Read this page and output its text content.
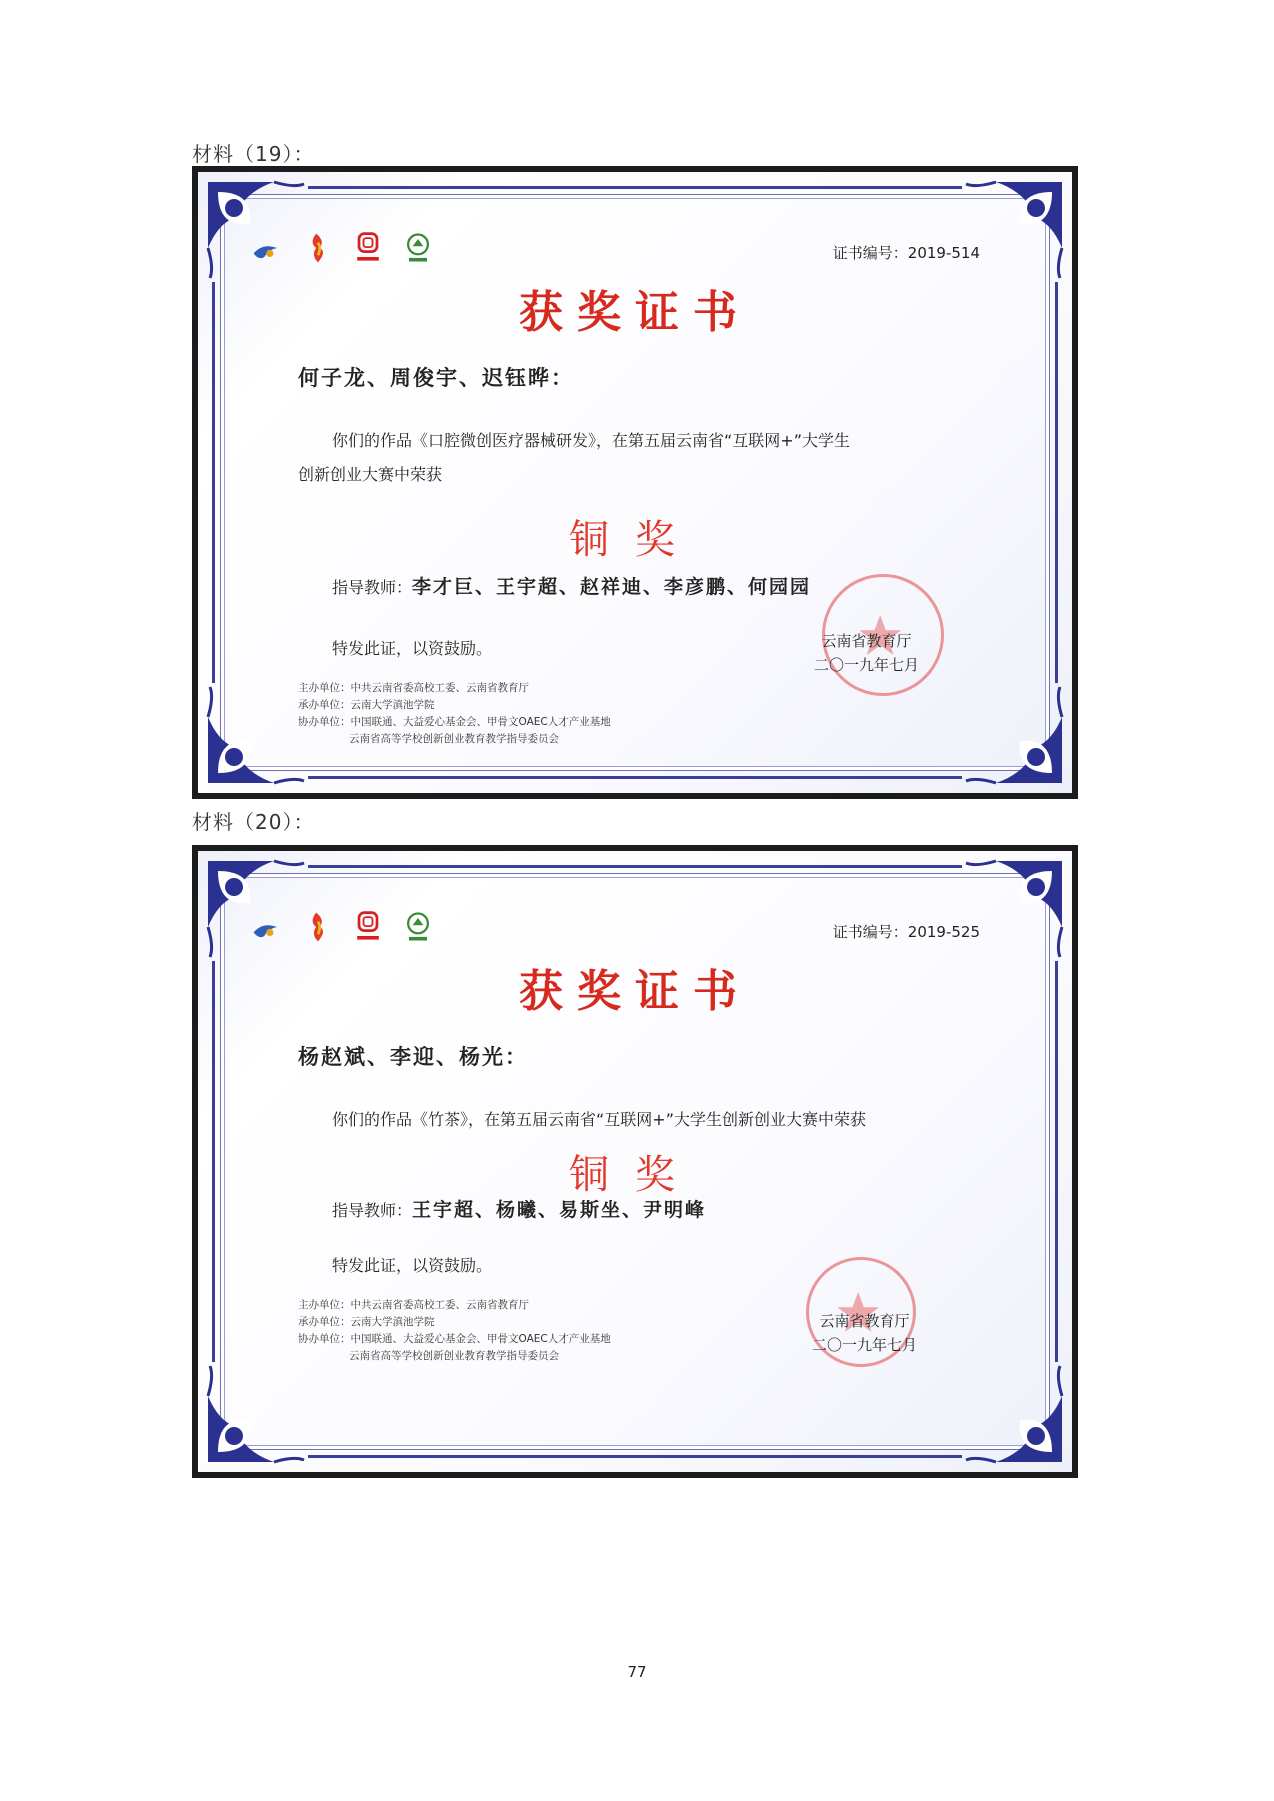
材料（19）：
证书编号：2019-514
获奖证书
何子龙、周俊宇、迟钰晔：
你们的作品《口腔微创医疗器械研发》，在第五届云南省“互联网+”大学生
创新创业大赛中荣获
铜奖
指导教师：李才巨、王宇超、赵祥迪、李彦鹏、何园园
特发此证，以资鼓励。
主办单位：中共云南省委高校工委、云南省教育厅
承办单位：云南大学滇池学院
协办单位：中国联通、大益爱心基金会、甲骨文OAEC人才产业基地
云南省高等学校创新创业教育教学指导委员会
云南省教育厅
二〇一九年七月
材料（20）：
证书编号：2019-525
获奖证书
杨赵斌、李迎、杨光：
你们的作品《竹茶》，在第五届云南省“互联网+”大学生创新创业大赛中荣获
铜奖
指导教师：王宇超、杨曦、易斯坐、尹明峰
特发此证，以资鼓励。
主办单位：中共云南省委高校工委、云南省教育厅
承办单位：云南大学滇池学院
协办单位：中国联通、大益爱心基金会、甲骨文OAEC人才产业基地
云南省高等学校创新创业教育教学指导委员会
云南省教育厅
二〇一九年七月
77
